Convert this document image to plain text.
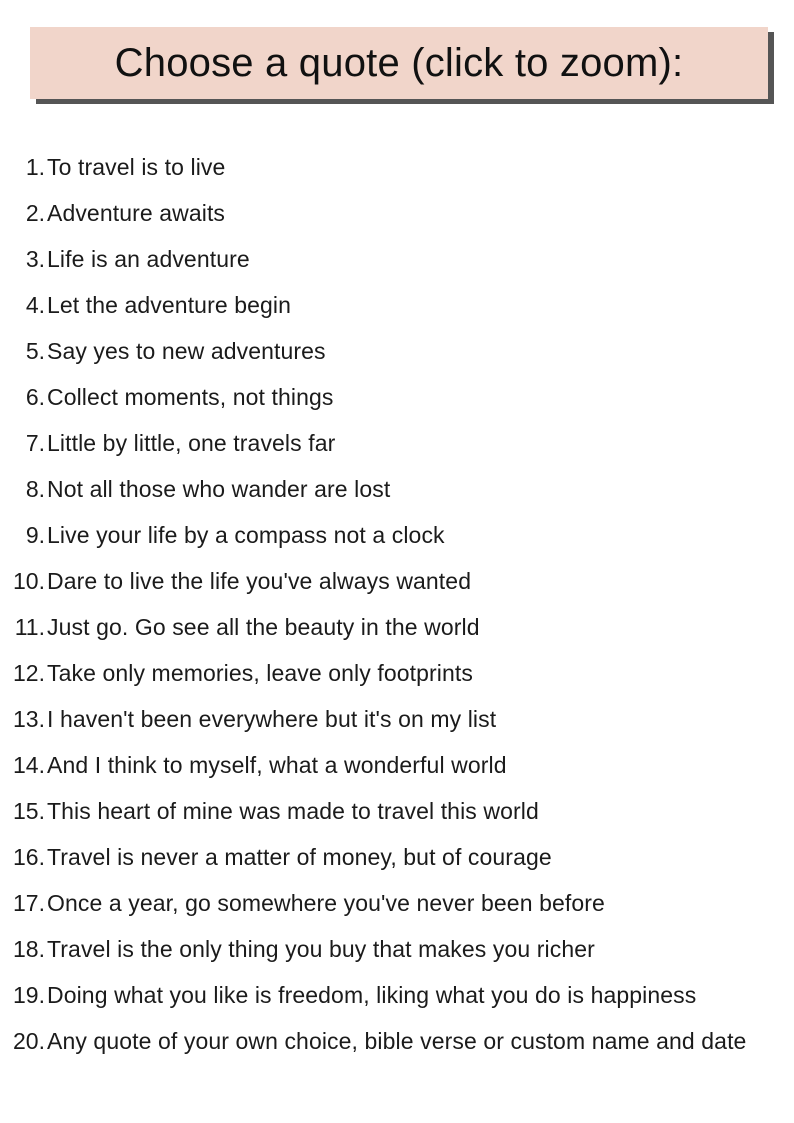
Choose a quote (click to zoom):
1. To travel is to live
2. Adventure awaits
3. Life is an adventure
4. Let the adventure begin
5. Say yes to new adventures
6. Collect moments, not things
7. Little by little, one travels far
8. Not all those who wander are lost
9. Live your life by a compass not a clock
10. Dare to live the life you've always wanted
11. Just go. Go see all the beauty in the world
12. Take only memories, leave only footprints
13. I haven't been everywhere but it's on my list
14. And I think to myself, what a wonderful world
15. This heart of mine was made to travel this world
16. Travel is never a matter of money, but of courage
17. Once a year, go somewhere you've never been before
18. Travel is the only thing you buy that makes you richer
19. Doing what you like is freedom, liking what you do is happiness
20. Any quote of your own choice, bible verse or custom name and date
